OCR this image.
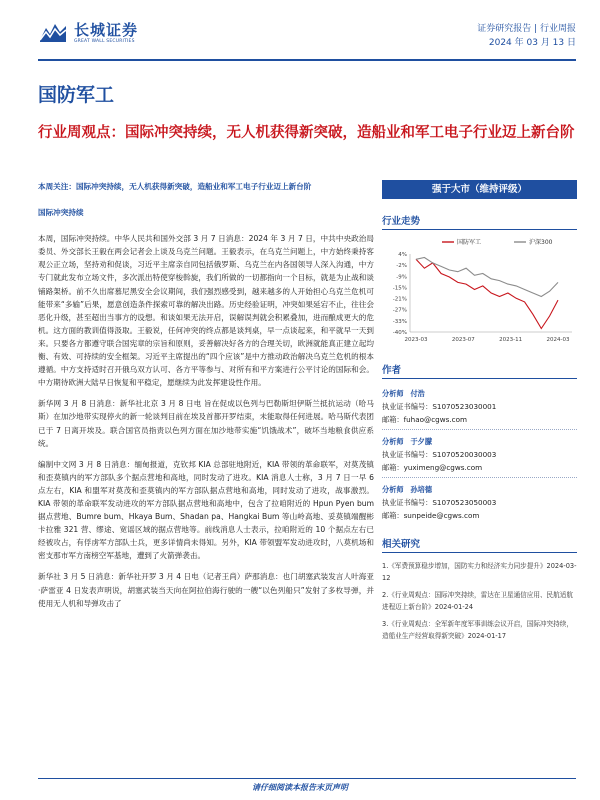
长城证券
GREAT WALL SECURITIES
证券研究报告 | 行业周报
2024 年 03 月 13 日
国防军工
行业周观点：国际冲突持续，无人机获得新突破，造船业和军工电子行业迈上新台阶
本周关注：国际冲突持续，无人机获得新突破，造船业和军工电子行业迈上新台阶
国际冲突持续

本周，国际冲突持续。中华人民共和国外交部 3 月 7 日消息：2024 年 3 月 7 日，中共中央政治局委员、外交部长王毅在两会记者会上谈及乌克兰问题。王毅表示，在乌克兰问题上，中方始终秉持客观公正立场，坚持劝和促谈，习近平主席亲自同包括俄罗斯、乌克兰在内各国领导人深入沟通，中方专门就此发布立场文件，多次派出特使穿梭斡旋，我们所做的一切都指向一个目标，就是为止战和谈铺路架桥。前不久出席慕尼黑安全会议期间，我们强烈感受到，越来越多的人开始担心乌克兰危机可能带来“多输”后果，愿意创造条件探索可靠的解决出路。历史经验证明，冲突如果延宕不止，往往会恶化升级，甚至超出当事方的设想。和谈如果无法开启，误解误判就会积累叠加，进而酿成更大的危机。这方面的教训值得汲取。王毅说，任何冲突的终点都是谈判桌，早一点谈起来，和平就早一天到来。只要各方都遵守联合国宪章的宗旨和原则，妥善解决好各方的合理关切，欧洲就能真正建立起均衡、有效、可持续的安全框架。习近平主席提出的“四个应该”是中方推动政治解决乌克兰危机的根本遵循。中方支持适时召开俄乌双方认可、各方平等参与、对所有和平方案进行公平讨论的国际和会。中方期待欧洲大陆早日恢复和平稳定，愿继续为此发挥建设性作用。

新华网 3 月 8 日消息：新华社北京 3 月 8 日电 旨在促成以色列与巴勒斯坦伊斯兰抵抗运动（哈马斯）在加沙地带实现停火的新一轮谈判目前在埃及首都开罗结束，未能取得任何进展。哈马斯代表团已于 7 日离开埃及。联合国官员指责以色列方面在加沙地带实施“饥饿战术”，破坏当地粮食供应系统。

编制中文网 3 月 8 日消息：缅甸报道，克钦邦 KIA 总部驻地附近，KIA 带领的革命联军，对莫茂镇和歪莫镇内的军方部队多个据点营地和高地，同时发动了进攻。KIA 消息人士称，3 月 7 日一早 6 点左右，KIA 和盟军对莫茂和歪莫镇内的军方部队据点营地和高地，同时发动了进攻，战事激烈。KIA 带领的革命联军发动进攻的军方部队据点营地和高地中，包含了拉咱附近的 Hpun Pyen bum 据点营地、Bumre bum、Hkaya Bum、Shadan pa、Hangkai Bum 等山岭高地、妥莫镇端醒彬卡拉雅 321 营、缪途、宽谣区域的据点营地等。前线消息人士表示，拉咱附近的 10 个据点左右已经被攻占，有俘虏军方部队士兵，更多详情尚未得知。另外，KIA 带领盟军发动进攻时，八莫机场和密支那市军方南榜空军基地，遭到了火箭弹袭击。

新华社 3 月 5 日消息：新华社开罗 3 月 4 日电（记者王尚）萨那消息：也门胡塞武装发言人叶海亚·萨雷亚 4 日发表声明说，胡塞武装当天向在阿拉伯海行驶的一艘“以色列船只”发射了多枚导弹，并使用无人机和导弹攻击了

强于大市（维持评级）
行业走势
4%
-2%
-9%
-15%
-21%
-27%
-33%
-40%
2023-03	2023-07	2023-11	2024-03
国防军工	沪深300
作者
分析师 付浩
执业证书编号：S1070523030001
邮箱：fuhao@cgws.com
分析师 于夕朦
执业证书编号：S1070520030003
邮箱：yuximeng@cgws.com
分析师 孙培德
执业证书编号：S1070523050003
邮箱：sunpeide@cgws.com
相关研究
1.《军费预算稳步增加，国防实力和经济实力同步提升》2024-03-12
2.《行业周观点：国际冲突持续，雷达在卫星通信应用、民航适航进程迈上新台阶》2024-01-24
3.《行业周观点：全军新年度军事训练会议开启，国际冲突持续，造船业生产经营取得新突破》2024-01-17
请仔细阅读本报告末页声明
